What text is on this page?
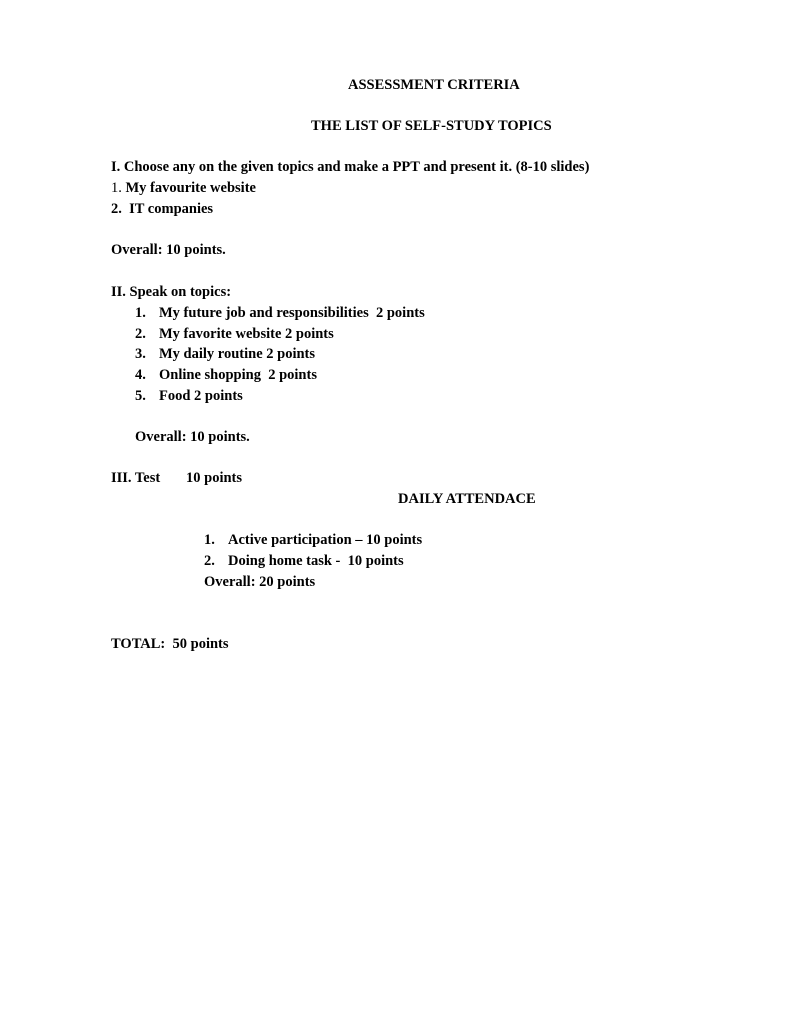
ASSESSMENT CRITERIA
THE LIST OF SELF-STUDY TOPICS
I. Choose any on the given topics and make a PPT and present it. (8-10 slides)
1. My favourite website
2. IT companies
Overall: 10 points.
II. Speak on topics:
1. My future job and responsibilities  2 points
2. My favorite website 2 points
3. My daily routine 2 points
4. Online shopping  2 points
5. Food 2 points
Overall: 10 points.
III. Test 10 points
DAILY ATTENDACE
1. Active participation – 10 points
2. Doing home task -  10 points
Overall: 20 points
TOTAL:  50 points
